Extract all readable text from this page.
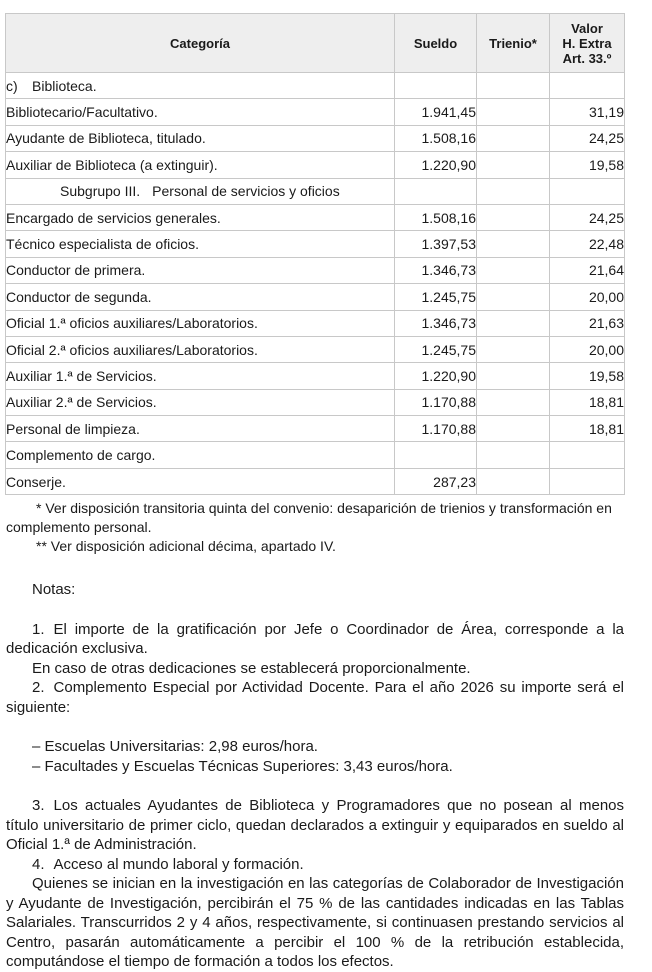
Categoría	Sueldo	Trienio*	Valor
H. Extra
Art. 33.º

c) Biblioteca.			
Bibliotecario/Facultativo.	1.941,45		31,19
Ayudante de Biblioteca, titulado.	1.508,16		24,25
Auxiliar de Biblioteca (a extinguir).	1.220,90		19,58
Subgrupo III. Personal de servicios y oficios			
Encargado de servicios generales.	1.508,16		24,25
Técnico especialista de oficios.	1.397,53		22,48
Conductor de primera.	1.346,73		21,64
Conductor de segunda.	1.245,75		20,00
Oficial 1.ª oficios auxiliares/Laboratorios.	1.346,73		21,63
Oficial 2.ª oficios auxiliares/Laboratorios.	1.245,75		20,00
Auxiliar 1.ª de Servicios.	1.220,90		19,58
Auxiliar 2.ª de Servicios.	1.170,88		18,81
Personal de limpieza.	1.170,88		18,81
Complemento de cargo.			
Conserje.	287,23		

* Ver disposición transitoria quinta del convenio: desaparición de trienios y transformación en complemento personal.

** Ver disposición adicional décima, apartado IV.

Notas:

1. El importe de la gratificación por Jefe o Coordinador de Área, corresponde a la dedicación exclusiva.

En caso de otras dedicaciones se establecerá proporcionalmente.

2. Complemento Especial por Actividad Docente. Para el año 2026 su importe será el siguiente:

– Escuelas Universitarias: 2,98 euros/hora.

– Facultades y Escuelas Técnicas Superiores: 3,43 euros/hora.

3. Los actuales Ayudantes de Biblioteca y Programadores que no posean al menos título universitario de primer ciclo, quedan declarados a extinguir y equiparados en sueldo al Oficial 1.ª de Administración.

4. Acceso al mundo laboral y formación.

Quienes se inician en la investigación en las categorías de Colaborador de Investigación y Ayudante de Investigación, percibirán el 75 % de las cantidades indicadas en las Tablas Salariales. Transcurridos 2 y 4 años, respectivamente, si continuasen prestando servicios al Centro, pasarán automáticamente a percibir el 100 % de la retribución establecida, computándose el tiempo de formación a todos los efectos.
